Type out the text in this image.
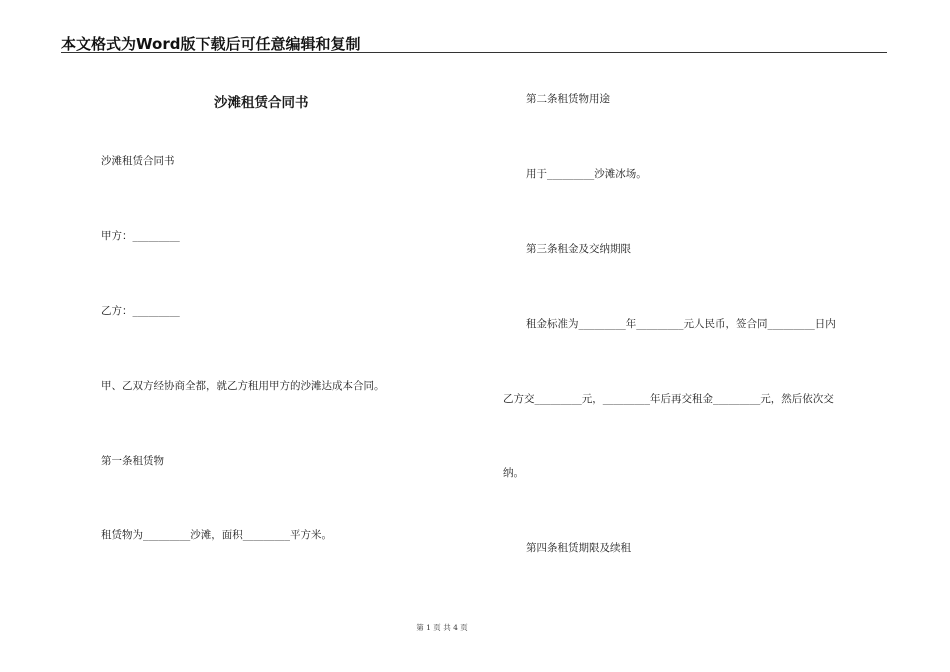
本文格式为Word版下载后可任意编辑和复制
沙滩租赁合同书
沙滩租赁合同书
甲方：_________
乙方：_________
甲、乙双方经协商全都，就乙方租用甲方的沙滩达成本合同。
第一条租赁物
租赁物为_________沙滩，面积_________平方米。
第二条租赁物用途
用于_________沙滩冰场。
第三条租金及交纳期限
租金标准为_________年_________元人民币，签合同_________日内
乙方交_________元，_________年后再交租金_________元，然后依次交
纳。
第四条租赁期限及续租
第 1 页 共 4 页
